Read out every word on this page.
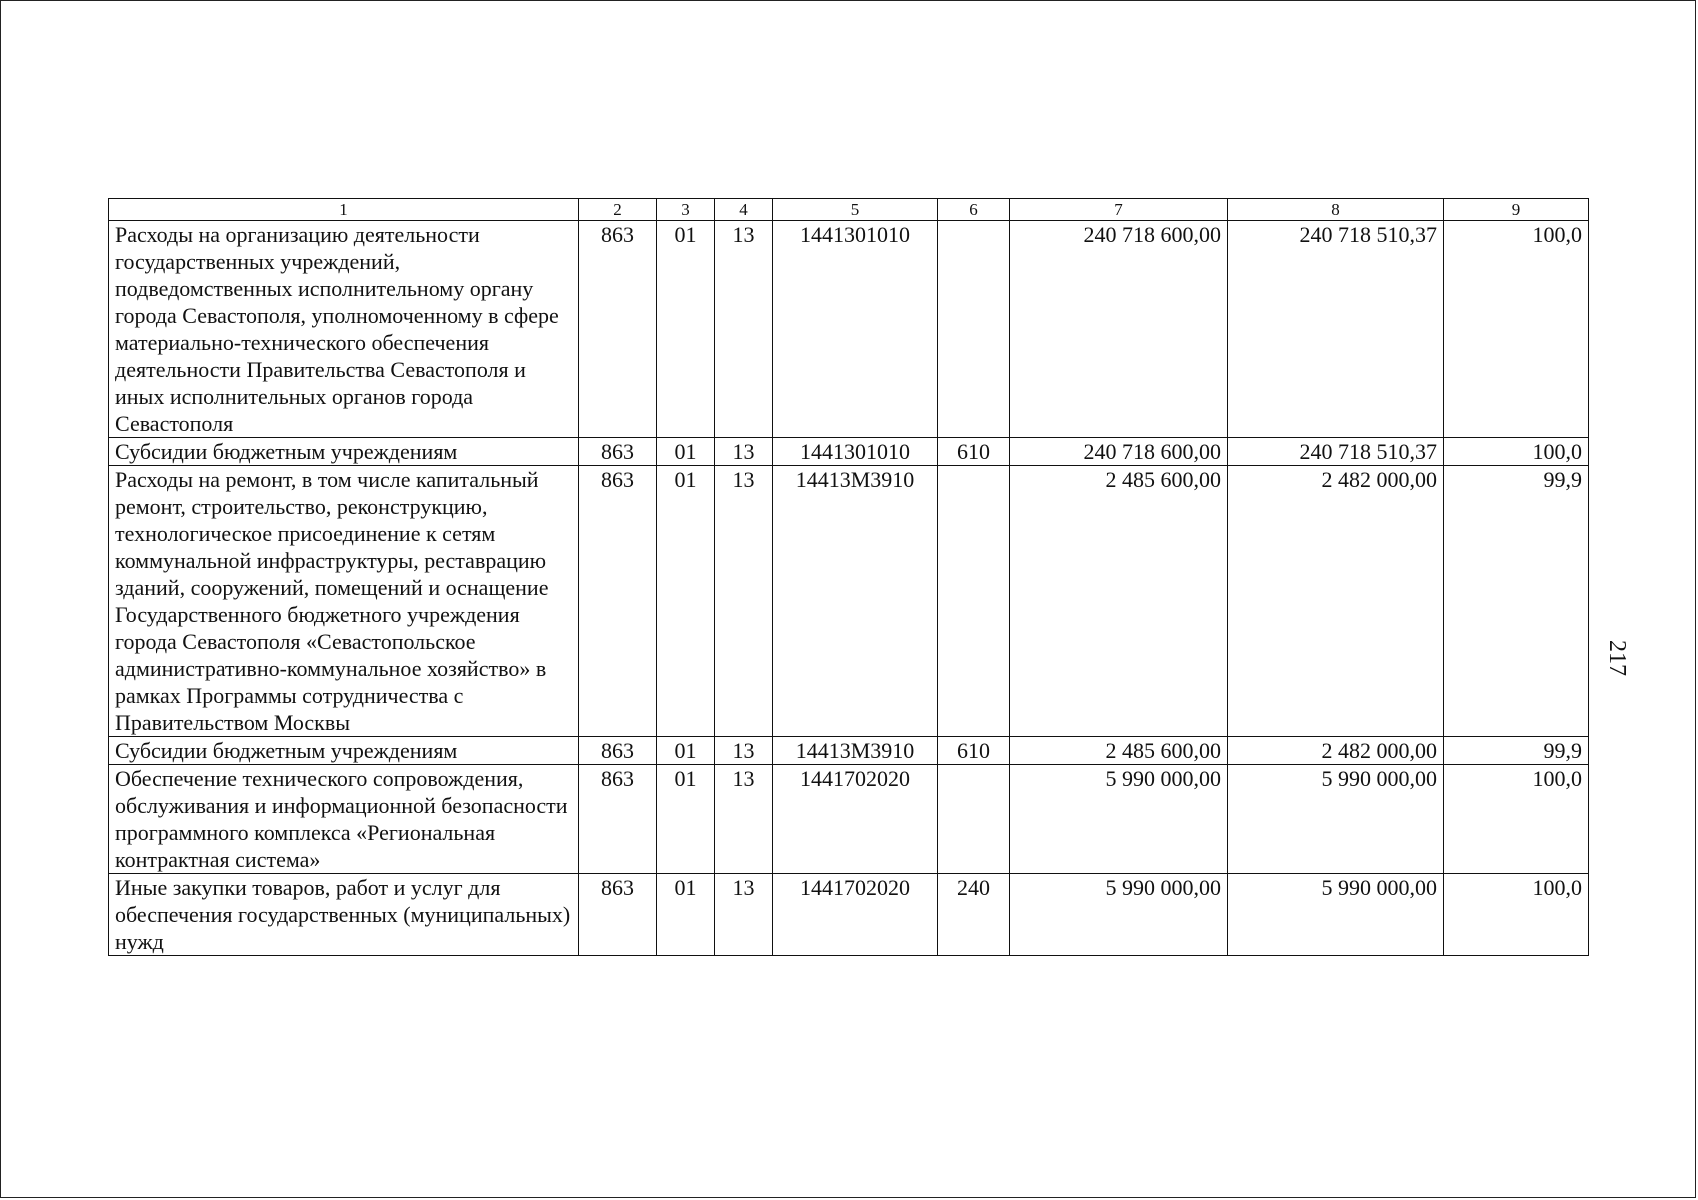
1	2	3	4	5	6	7	8	9
Расходы на организацию деятельности государственных учреждений, подведомственных исполнительному органу города Севастополя, уполномоченному в сфере материально-технического обеспечения деятельности Правительства Севастополя и иных исполнительных органов города Севастополя	863	01	13	1441301010		240 718 600,00	240 718 510,37	100,0
Субсидии бюджетным учреждениям	863	01	13	1441301010	610	240 718 600,00	240 718 510,37	100,0
Расходы на ремонт, в том числе капитальный ремонт, строительство, реконструкцию, технологическое присоединение к сетям коммунальной инфраструктуры, реставрацию зданий, сооружений, помещений и оснащение Государственного бюджетного учреждения города Севастополя «Севастопольское административно-коммунальное хозяйство» в рамках Программы сотрудничества с Правительством Москвы	863	01	13	14413М3910		2 485 600,00	2 482 000,00	99,9
Субсидии бюджетным учреждениям	863	01	13	14413М3910	610	2 485 600,00	2 482 000,00	99,9
Обеспечение технического сопровождения, обслуживания и информационной безопасности программного комплекса «Региональная контрактная система»	863	01	13	1441702020		5 990 000,00	5 990 000,00	100,0
Иные закупки товаров, работ и услуг для обеспечения государственных (муниципальных) нужд	863	01	13	1441702020	240	5 990 000,00	5 990 000,00	100,0
217
